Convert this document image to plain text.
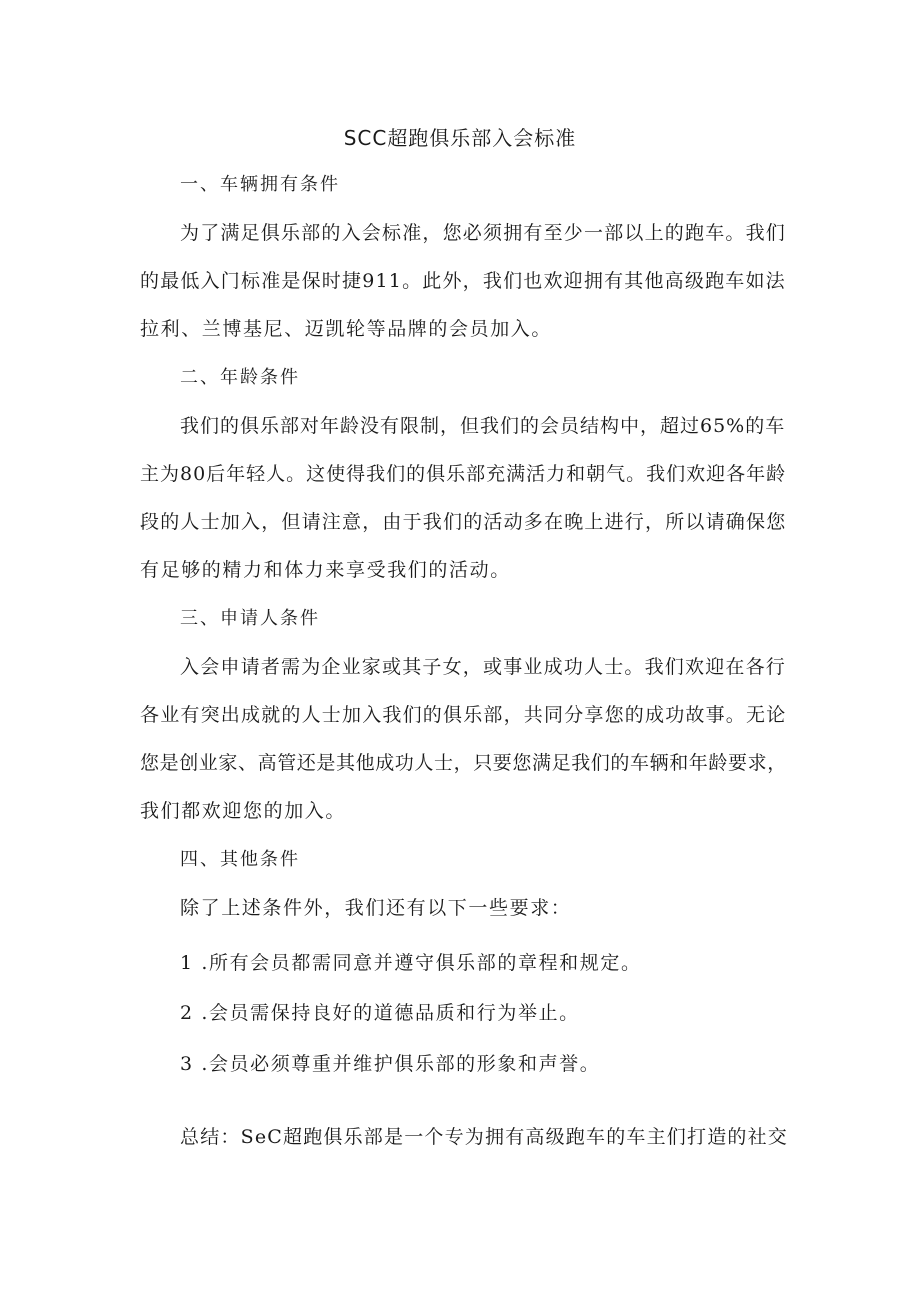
SCC超跑俱乐部入会标准
一、车辆拥有条件
为了满足俱乐部的入会标准，您必须拥有至少一部以上的跑车。我们
的最低入门标准是保时捷911。此外，我们也欢迎拥有其他高级跑车如法
拉利、兰博基尼、迈凯轮等品牌的会员加入。
二、年龄条件
我们的俱乐部对年龄没有限制，但我们的会员结构中，超过65%的车
主为80后年轻人。这使得我们的俱乐部充满活力和朝气。我们欢迎各年龄
段的人士加入，但请注意，由于我们的活动多在晚上进行，所以请确保您
有足够的精力和体力来享受我们的活动。
三、申请人条件
入会申请者需为企业家或其子女，或事业成功人士。我们欢迎在各行
各业有突出成就的人士加入我们的俱乐部，共同分享您的成功故事。无论
您是创业家、高管还是其他成功人士，只要您满足我们的车辆和年龄要求，
我们都欢迎您的加入。
四、其他条件
除了上述条件外，我们还有以下一些要求：
1 .所有会员都需同意并遵守俱乐部的章程和规定。
2 .会员需保持良好的道德品质和行为举止。
3 .会员必须尊重并维护俱乐部的形象和声誉。
总结：SeC超跑俱乐部是一个专为拥有高级跑车的车主们打造的社交
